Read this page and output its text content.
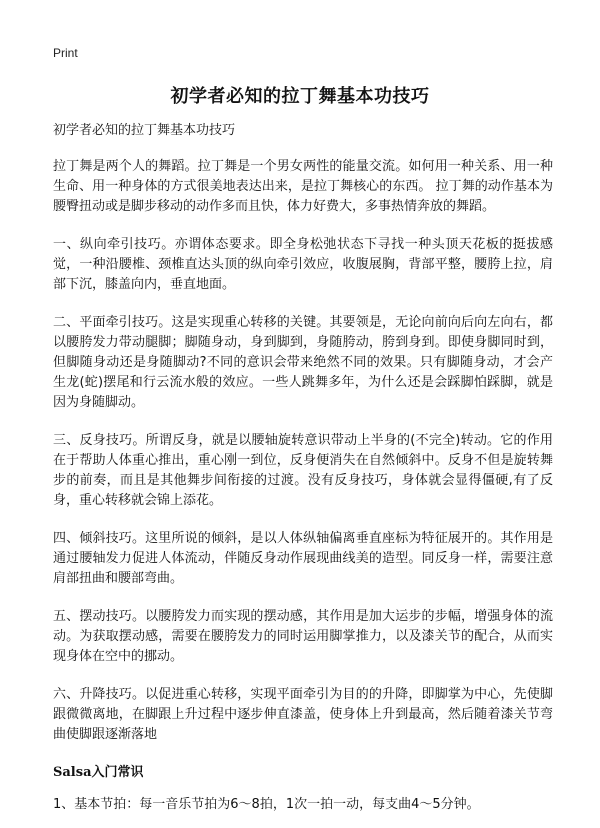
Print
初学者必知的拉丁舞基本功技巧

初学者必知的拉丁舞基本功技巧

拉丁舞是两个人的舞蹈。拉丁舞是一个男女两性的能量交流。如何用一种关系、用一种生命、用一种身体的方式很美地表达出来，是拉丁舞核心的东西。 拉丁舞的动作基本为腰臀扭动或是脚步移动的动作多而且快，体力好费大，多事热情奔放的舞蹈。

一、纵向牵引技巧。亦谓体态要求。即全身松弛状态下寻找一种头顶天花板的挺拔感觉，一种沿腰椎、颈椎直达头顶的纵向牵引效应，收腹展胸，背部平整，腰胯上拉，肩部下沉，膝盖向内，垂直地面。

二、平面牵引技巧。这是实现重心转移的关键。其要领是，无论向前向后向左向右，都以腰胯发力带动腿脚；脚随身动，身到脚到，身随胯动，胯到身到。即使身脚同时到，但脚随身动还是身随脚动?不同的意识会带来绝然不同的效果。只有脚随身动，才会产生龙(蛇)摆尾和行云流水般的效应。一些人跳舞多年，为什么还是会踩脚怕踩脚，就是因为身随脚动。

三、反身技巧。所谓反身，就是以腰轴旋转意识带动上半身的(不完全)转动。它的作用在于帮助人体重心推出，重心刚一到位，反身便消失在自然倾斜中。反身不但是旋转舞步的前奏，而且是其他舞步间衔接的过渡。没有反身技巧，身体就会显得僵硬,有了反身，重心转移就会锦上添花。

四、倾斜技巧。这里所说的倾斜，是以人体纵轴偏离垂直座标为特征展开的。其作用是通过腰轴发力促进人体流动，伴随反身动作展现曲线美的造型。同反身一样，需要注意肩部扭曲和腰部弯曲。

五、摆动技巧。以腰胯发力而实现的摆动感，其作用是加大运步的步幅，增强身体的流动。为获取摆动感，需要在腰胯发力的同时运用脚掌推力，以及漆关节的配合，从而实现身体在空中的挪动。

六、升降技巧。以促进重心转移，实现平面牵引为目的的升降，即脚掌为中心，先使脚跟微微离地，在脚跟上升过程中逐步伸直漆盖，使身体上升到最高，然后随着漆关节弯曲使脚跟逐渐落地

Salsa入门常识

1、基本节拍：每一音乐节拍为6～8拍，1次一拍一动，每支曲4～5分钟。
